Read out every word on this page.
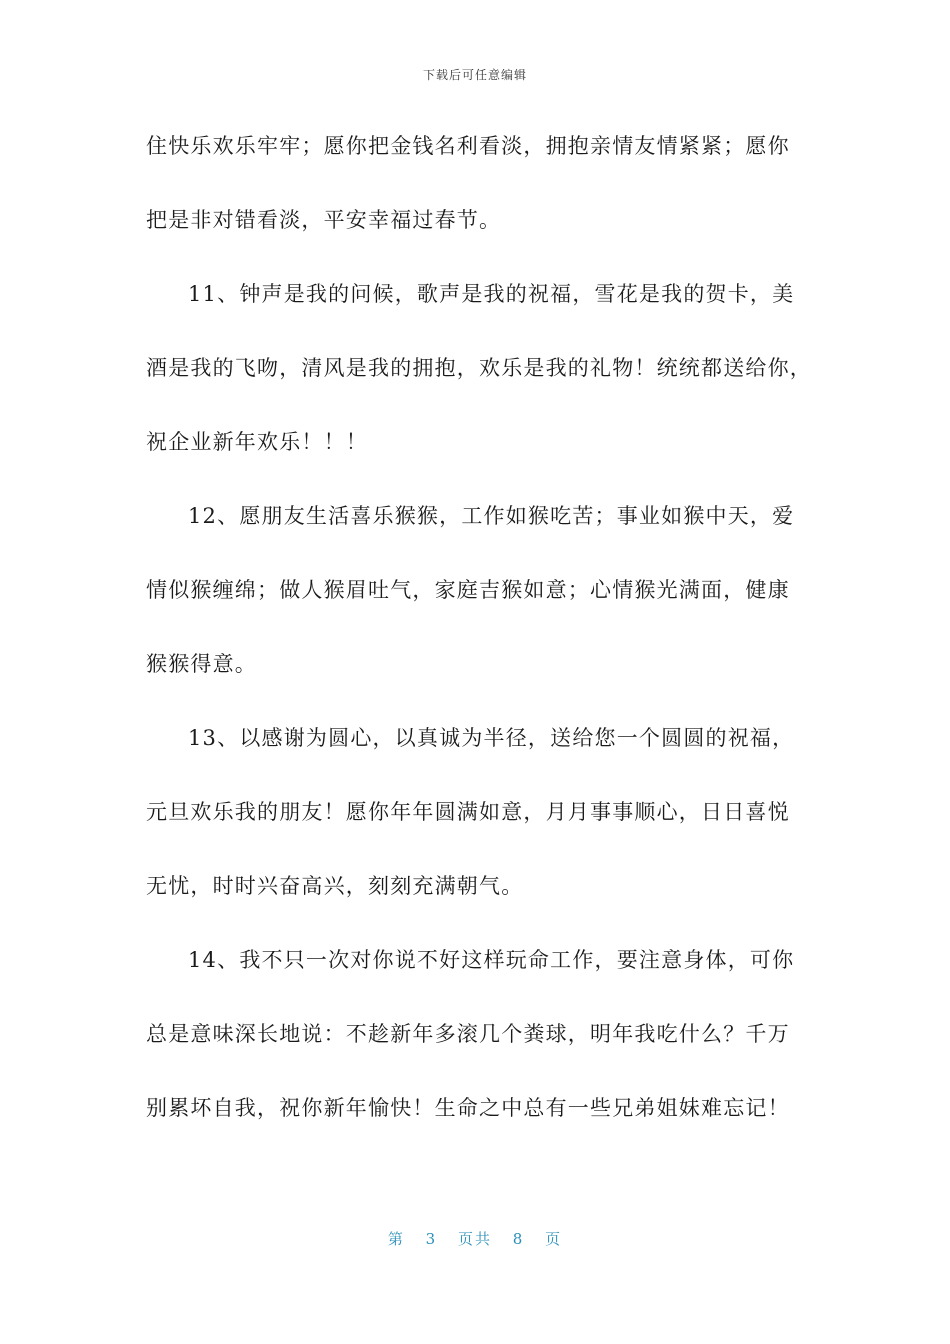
下载后可任意编辑

住快乐欢乐牢牢；愿你把金钱名利看淡，拥抱亲情友情紧紧；愿你

把是非对错看淡，平安幸福过春节。

11、钟声是我的问候，歌声是我的祝福，雪花是我的贺卡，美

酒是我的飞吻，清风是我的拥抱，欢乐是我的礼物！统统都送给你，

祝企业新年欢乐！！！

12、愿朋友生活喜乐猴猴，工作如猴吃苦；事业如猴中天，爱

情似猴缠绵；做人猴眉吐气，家庭吉猴如意；心情猴光满面，健康

猴猴得意。

13、以感谢为圆心，以真诚为半径，送给您一个圆圆的祝福，

元旦欢乐我的朋友！愿你年年圆满如意，月月事事顺心，日日喜悦

无忧，时时兴奋高兴，刻刻充满朝气。

14、我不只一次对你说不好这样玩命工作，要注意身体，可你

总是意味深长地说：不趁新年多滚几个粪球，明年我吃什么？千万

别累坏自我，祝你新年愉快！生命之中总有一些兄弟姐妹难忘记！

第 3 页共 8 页
